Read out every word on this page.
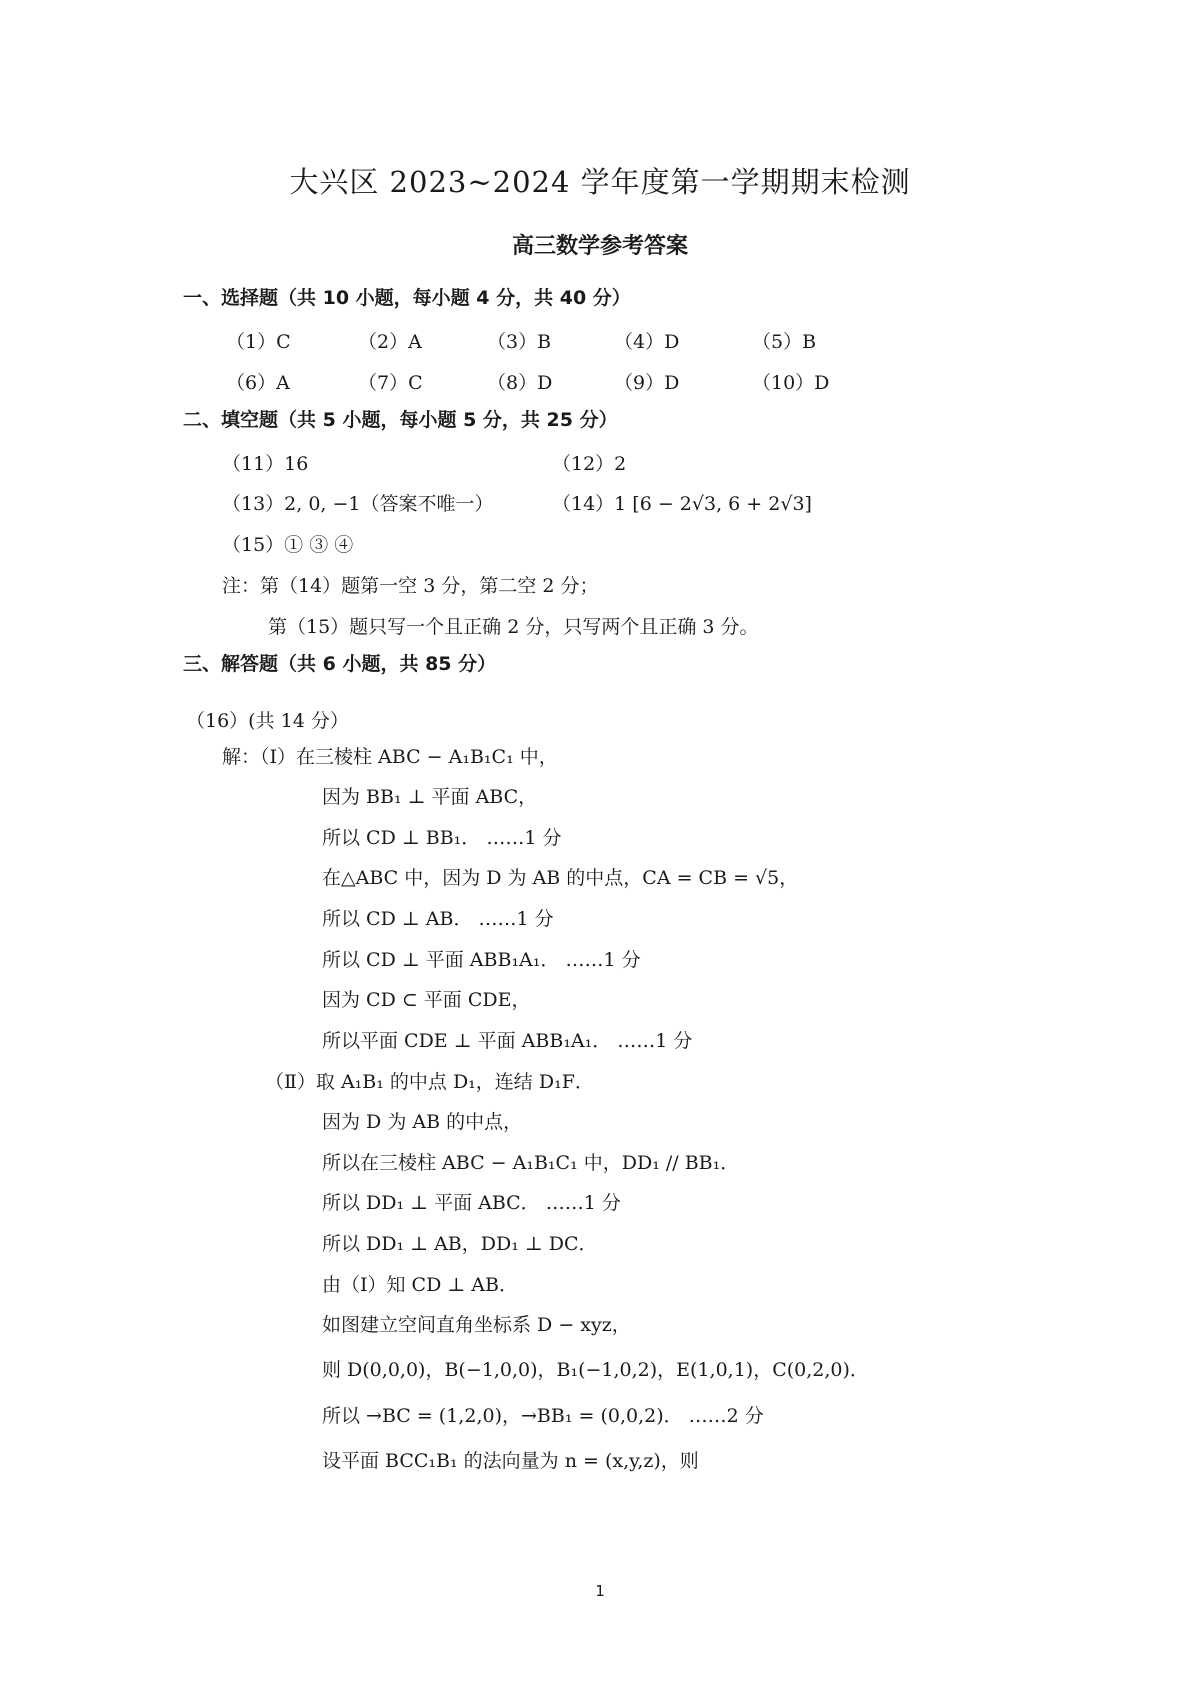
大兴区 2023~2024 学年度第一学期期末检测
高三数学参考答案
一、选择题（共 10 小题，每小题 4 分，共 40 分）
（1）C	（2）A	（3）B	（4）D	（5）B
（6）A	（7）C	（8）D	（9）D	（10）D
二、填空题（共 5 小题，每小题 5 分，共 25 分）
（11）16	（12）2
（13）2, 0, −1（答案不唯一）	（14）1 [6 − 2√3, 6 + 2√3]
（15）① ③ ④
注：第（14）题第一空 3 分，第二空 2 分；
第（15）题只写一个且正确 2 分，只写两个且正确 3 分。
三、解答题（共 6 小题，共 85 分）
（16）(共 14 分）
解：（Ⅰ）在三棱柱 ABC − A₁B₁C₁ 中，
因为 BB₁ ⊥ 平面 ABC，
所以 CD ⊥ BB₁． ……1 分
在△ABC 中，因为 D 为 AB 的中点，CA = CB = √5，
所以 CD ⊥ AB． ……1 分
所以 CD ⊥ 平面 ABB₁A₁． ……1 分
因为 CD ⊂ 平面 CDE，
所以平面 CDE ⊥ 平面 ABB₁A₁． ……1 分
（Ⅱ）取 A₁B₁ 的中点 D₁，连结 D₁F．
因为 D 为 AB 的中点，
所以在三棱柱 ABC − A₁B₁C₁ 中，DD₁ // BB₁．
所以 DD₁ ⊥ 平面 ABC． ……1 分
所以 DD₁ ⊥ AB，DD₁ ⊥ DC．
由（Ⅰ）知 CD ⊥ AB．
如图建立空间直角坐标系 D − xyz，
则 D(0,0,0)，B(−1,0,0)，B₁(−1,0,2)，E(1,0,1)，C(0,2,0)．
所以 →BC = (1,2,0)，→BB₁ = (0,0,2)． ……2 分
设平面 BCC₁B₁ 的法向量为 n = (x,y,z)，则
1
